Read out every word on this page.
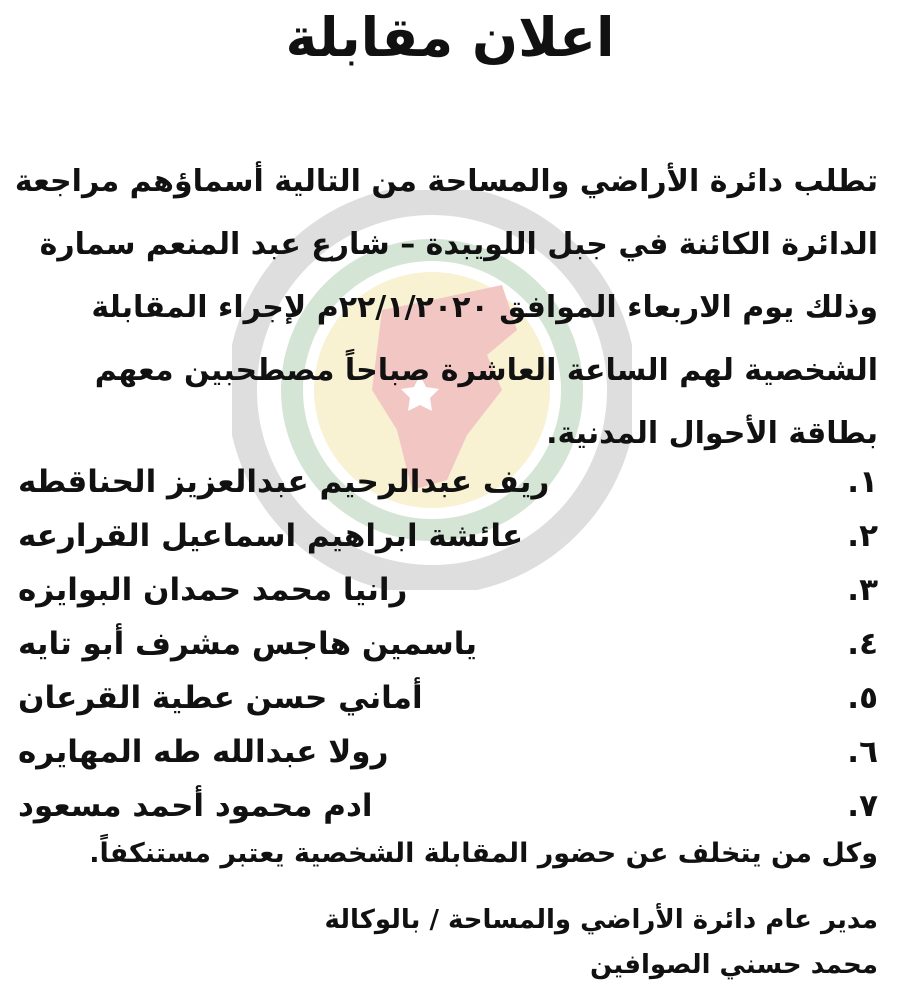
اعلان مقابلة

تطلب دائرة الأراضي والمساحة من التالية أسماؤهم مراجعة

الدائرة الكائنة في جبل اللويبدة – شارع عبد المنعم سمارة

وذلك يوم الاربعاء الموافق ٢٢/١/٢٠٢٠م لإجراء المقابلة

الشخصية لهم الساعة العاشرة صباحاً مصطحبين معهم

بطاقة الأحوال المدنية.

١.
ريف عبدالرحيم عبدالعزيز الحناقطه
٢.
عائشة ابراهيم اسماعيل القرارعه
٣.
رانيا محمد حمدان البوايزه
٤.
ياسمين هاجس مشرف أبو تايه
٥.
أماني حسن عطية القرعان
٦.
رولا عبدالله طه المهايره
٧.
ادم محمود أحمد مسعود
وكل من يتخلف عن حضور المقابلة الشخصية يعتبر مستنكفاً.
مدير عام دائرة الأراضي والمساحة / بالوكالة
محمد حسني الصوافين
